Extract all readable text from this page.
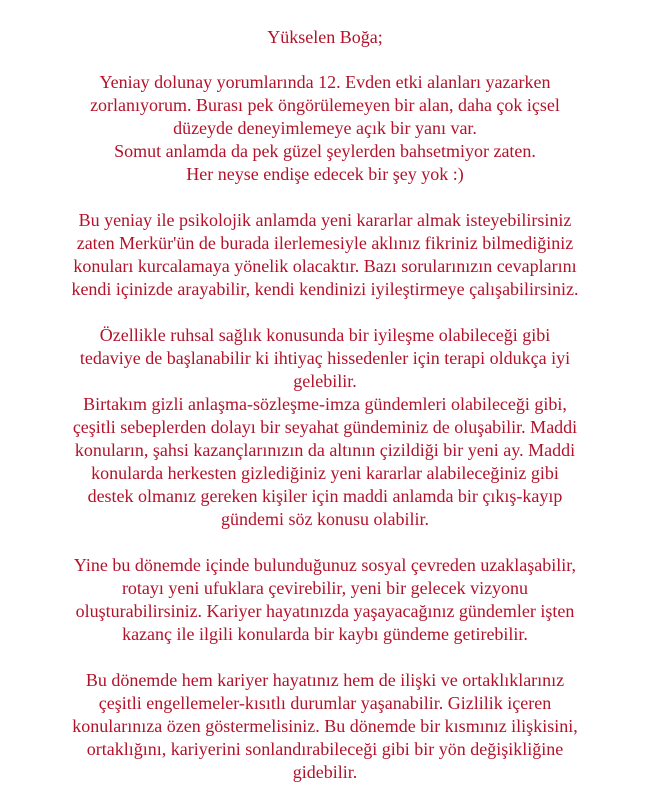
Yükselen Boğa;
Yeniay dolunay yorumlarında 12. Evden etki alanları yazarken
zorlanıyorum. Burası pek öngörülemeyen bir alan, daha çok içsel
düzeyde deneyimlemeye açık bir yanı var.
Somut anlamda da pek güzel şeylerden bahsetmiyor zaten.
Her neyse endişe edecek bir şey yok :)
Bu yeniay ile psikolojik anlamda yeni kararlar almak isteyebilirsiniz
zaten Merkür'ün de burada ilerlemesiyle aklınız fikriniz bilmediğiniz
konuları kurcalamaya yönelik olacaktır. Bazı sorularınızın cevaplarını
kendi içinizde arayabilir, kendi kendinizi iyileştirmeye çalışabilirsiniz.
Özellikle ruhsal sağlık konusunda bir iyileşme olabileceği gibi
tedaviye de başlanabilir ki ihtiyaç hissedenler için terapi oldukça iyi
gelebilir.
Birtakım gizli anlaşma-sözleşme-imza gündemleri olabileceği gibi,
çeşitli sebeplerden dolayı bir seyahat gündeminiz de oluşabilir. Maddi
konuların, şahsi kazançlarınızın da altının çizildiği bir yeni ay. Maddi
konularda herkesten gizlediğiniz yeni kararlar alabileceğiniz gibi
destek olmanız gereken kişiler için maddi anlamda bir çıkış-kayıp
gündemi söz konusu olabilir.
Yine bu dönemde içinde bulunduğunuz sosyal çevreden uzaklaşabilir,
rotayı yeni ufuklara çevirebilir, yeni bir gelecek vizyonu
oluşturabilirsiniz. Kariyer hayatınızda yaşayacağınız gündemler işten
kazanç ile ilgili konularda bir kaybı gündeme getirebilir.
Bu dönemde hem kariyer hayatınız hem de ilişki ve ortaklıklarınız
çeşitli engellemeler-kısıtlı durumlar yaşanabilir. Gizlilik içeren
konularınıza özen göstermelisiniz. Bu dönemde bir kısmınız ilişkisini,
ortaklığını, kariyerini sonlandırabileceği gibi bir yön değişikliğine
gidebilir.
